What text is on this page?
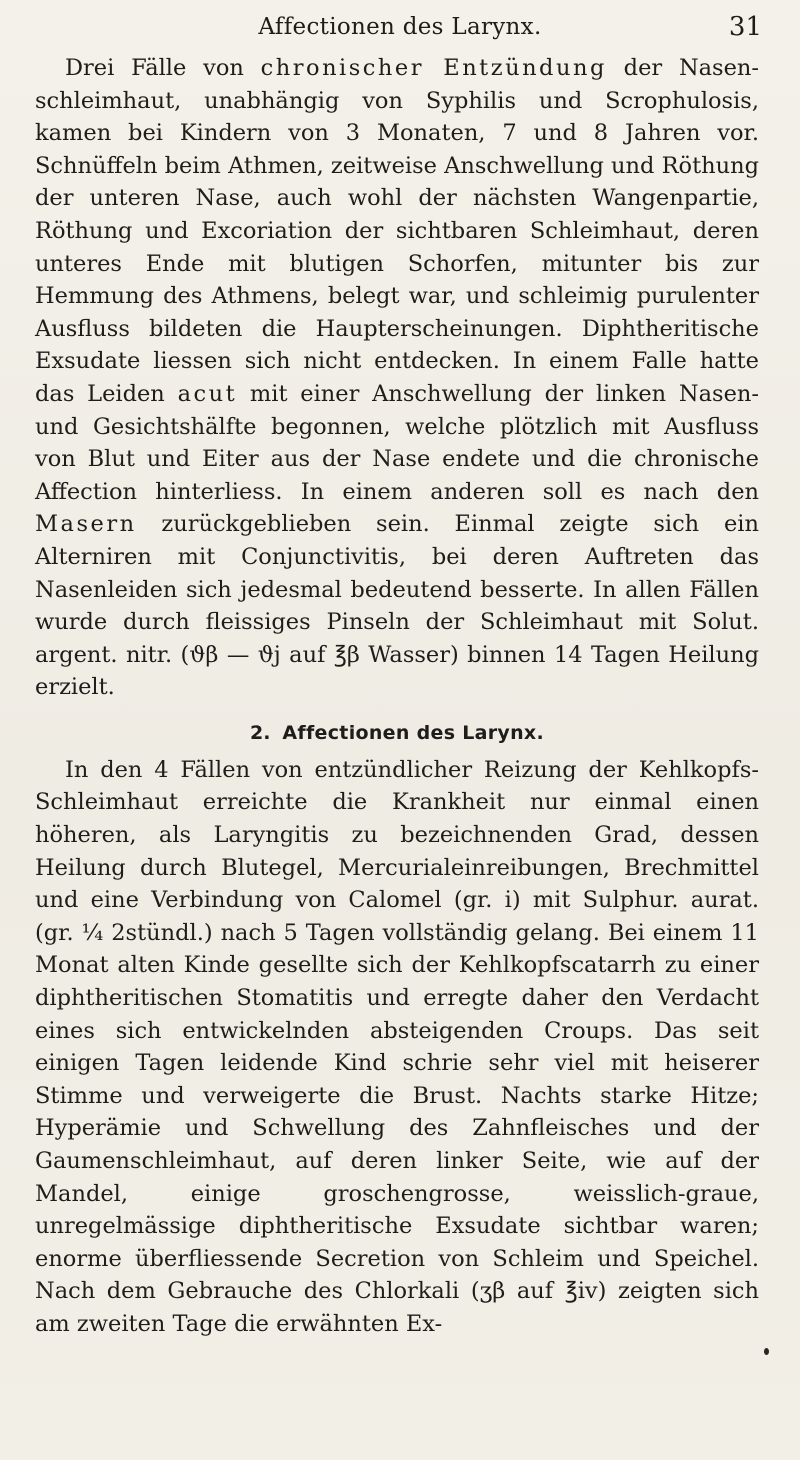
Affectionen des Larynx.	31

Drei Fälle von chronischer Entzündung der Nasen-schleimhaut, unabhängig von Syphilis und Scrophulosis, kamen bei Kindern von 3 Monaten, 7 und 8 Jahren vor. Schnüffeln beim Athmen, zeitweise Anschwellung und Röthung der unteren Nase, auch wohl der nächsten Wangenpartie, Röthung und Excoriation der sichtbaren Schleimhaut, deren unteres Ende mit blutigen Schorfen, mitunter bis zur Hemmung des Athmens, belegt war, und schleimig purulenter Ausfluss bildeten die Haupterscheinungen. Diphtheritische Exsudate liessen sich nicht entdecken. In einem Falle hatte das Leiden acut mit einer Anschwellung der linken Nasen- und Gesichtshälfte begonnen, welche plötzlich mit Ausfluss von Blut und Eiter aus der Nase endete und die chronische Affection hinterliess. In einem anderen soll es nach den Masern zurückgeblieben sein. Einmal zeigte sich ein Alterniren mit Conjunctivitis, bei deren Auftreten das Nasenleiden sich jedesmal bedeutend besserte. In allen Fällen wurde durch fleissiges Pinseln der Schleimhaut mit Solut. argent. nitr. (ϑβ — ϑj auf ℥β Wasser) binnen 14 Tagen Heilung erzielt.

2. Affectionen des Larynx.

In den 4 Fällen von entzündlicher Reizung der Kehlkopfs-Schleimhaut erreichte die Krankheit nur einmal einen höheren, als Laryngitis zu bezeichnenden Grad, dessen Heilung durch Blutegel, Mercurialeinreibungen, Brechmittel und eine Verbindung von Calomel (gr. i) mit Sulphur. aurat. (gr. ¼ 2stündl.) nach 5 Tagen vollständig gelang. Bei einem 11 Monat alten Kinde gesellte sich der Kehlkopfscatarrh zu einer diphtheritischen Stomatitis und erregte daher den Verdacht eines sich entwickelnden absteigenden Croups. Das seit einigen Tagen leidende Kind schrie sehr viel mit heiserer Stimme und verweigerte die Brust. Nachts starke Hitze; Hyperämie und Schwellung des Zahnfleisches und der Gaumenschleimhaut, auf deren linker Seite, wie auf der Mandel, einige groschengrosse, weisslich-graue, unregelmässige diphtheritische Exsudate sichtbar waren; enorme überfliessende Secretion von Schleim und Speichel. Nach dem Gebrauche des Chlorkali (ʒβ auf ℥iv) zeigten sich am zweiten Tage die erwähnten Ex-
